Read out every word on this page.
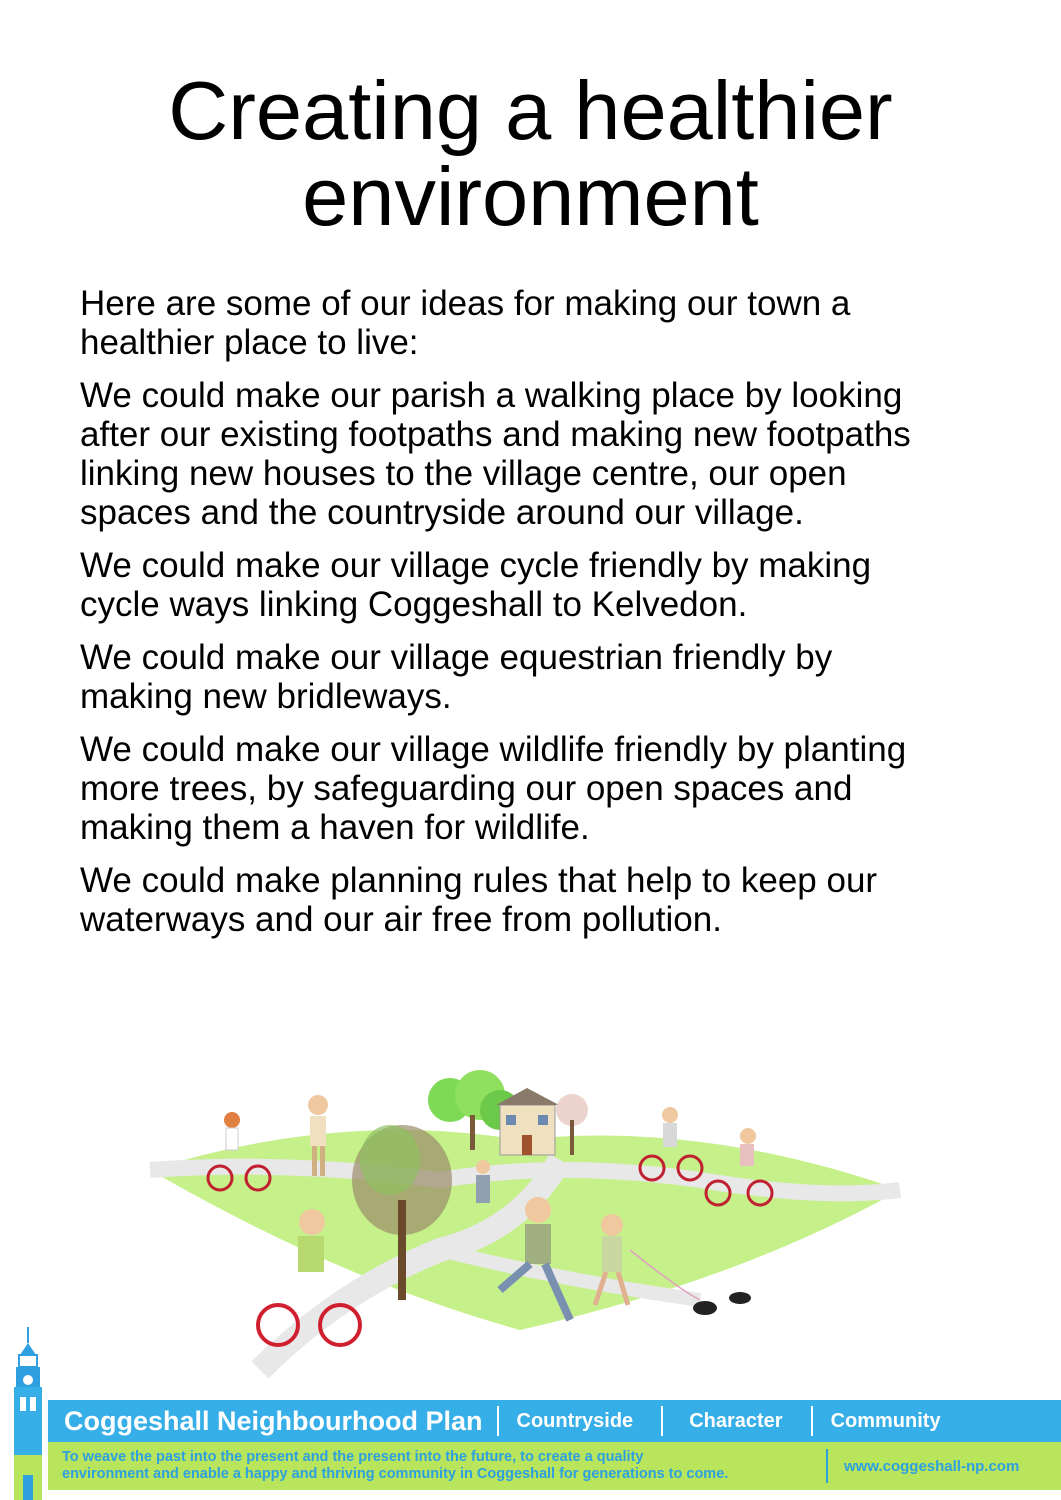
Creating a healthier
environment

Here are some of our ideas for making our town a
healthier place to live:

We could make our parish a walking place by looking
after our existing footpaths and making new footpaths
linking new houses to the village centre, our open
spaces and the countryside around our village.

We could make our village cycle friendly by making
cycle ways linking Coggeshall to Kelvedon.

We could make our village equestrian friendly by
making new bridleways.

We could make our village wildlife friendly by planting
more trees, by safeguarding our open spaces and
making them a haven for wildlife.

We could make planning rules that help to keep our
waterways and our air free from pollution.

Coggeshall Neighbourhood Plan Countryside	Character Community
To weave the past into the present and the present into the future, to create a quality
environment and enable a happy and thriving community in Coggeshall for generations to come.	www.coggeshall-np.com
